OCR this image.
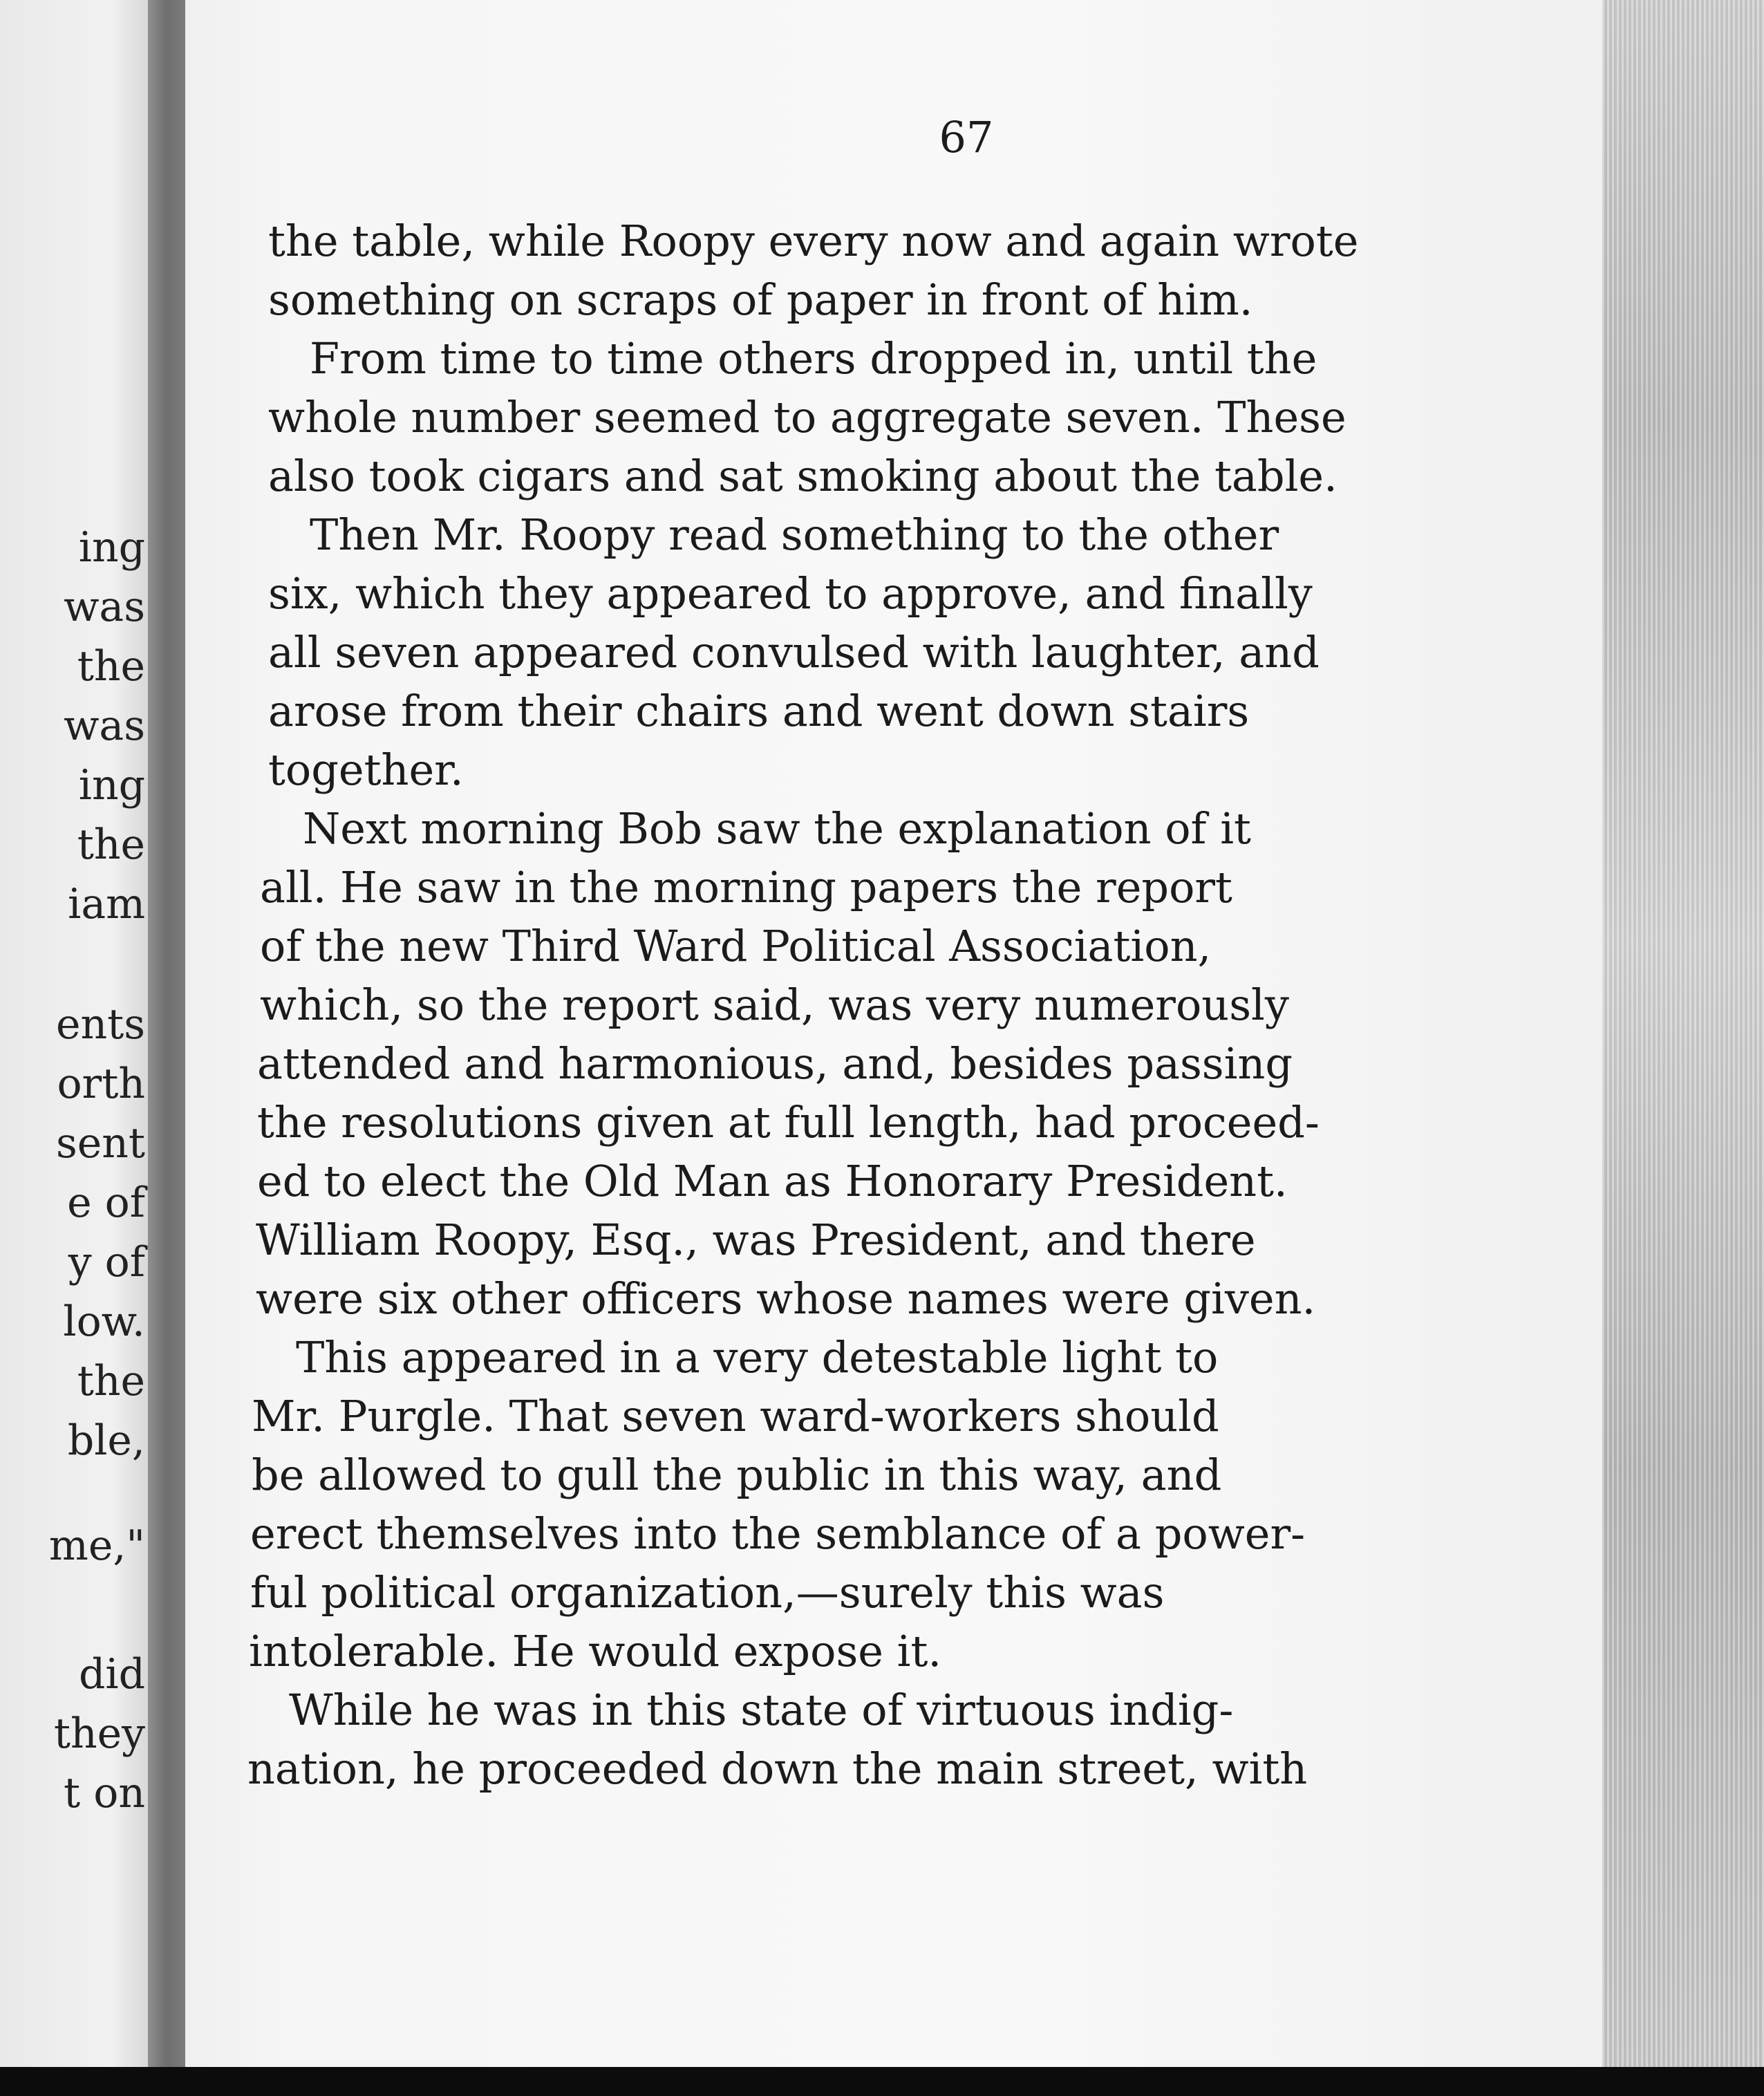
ing

was

the

was

ing

the

iam

ents

orth

sent

e of

y of

low.

the

ble,

me,"

did

they

t on

67

the table, while Roopy every now and again wrote

something on scraps of paper in front of him.

From time to time others dropped in, until the

whole number seemed to aggregate seven. These

also took cigars and sat smoking about the table.

Then Mr. Roopy read something to the other

six, which they appeared to approve, and finally

all seven appeared convulsed with laughter, and

arose from their chairs and went down stairs

together.

Next morning Bob saw the explanation of it

all. He saw in the morning papers the report

of the new Third Ward Political Association,

which, so the report said, was very numerously

attended and harmonious, and, besides passing

the resolutions given at full length, had proceed-

ed to elect the Old Man as Honorary President.

William Roopy, Esq., was President, and there

were six other officers whose names were given.

This appeared in a very detestable light to

Mr. Purgle. That seven ward-workers should

be allowed to gull the public in this way, and

erect themselves into the semblance of a power-

ful political organization,—surely this was

intolerable. He would expose it.

While he was in this state of virtuous indig-

nation, he proceeded down the main street, with
